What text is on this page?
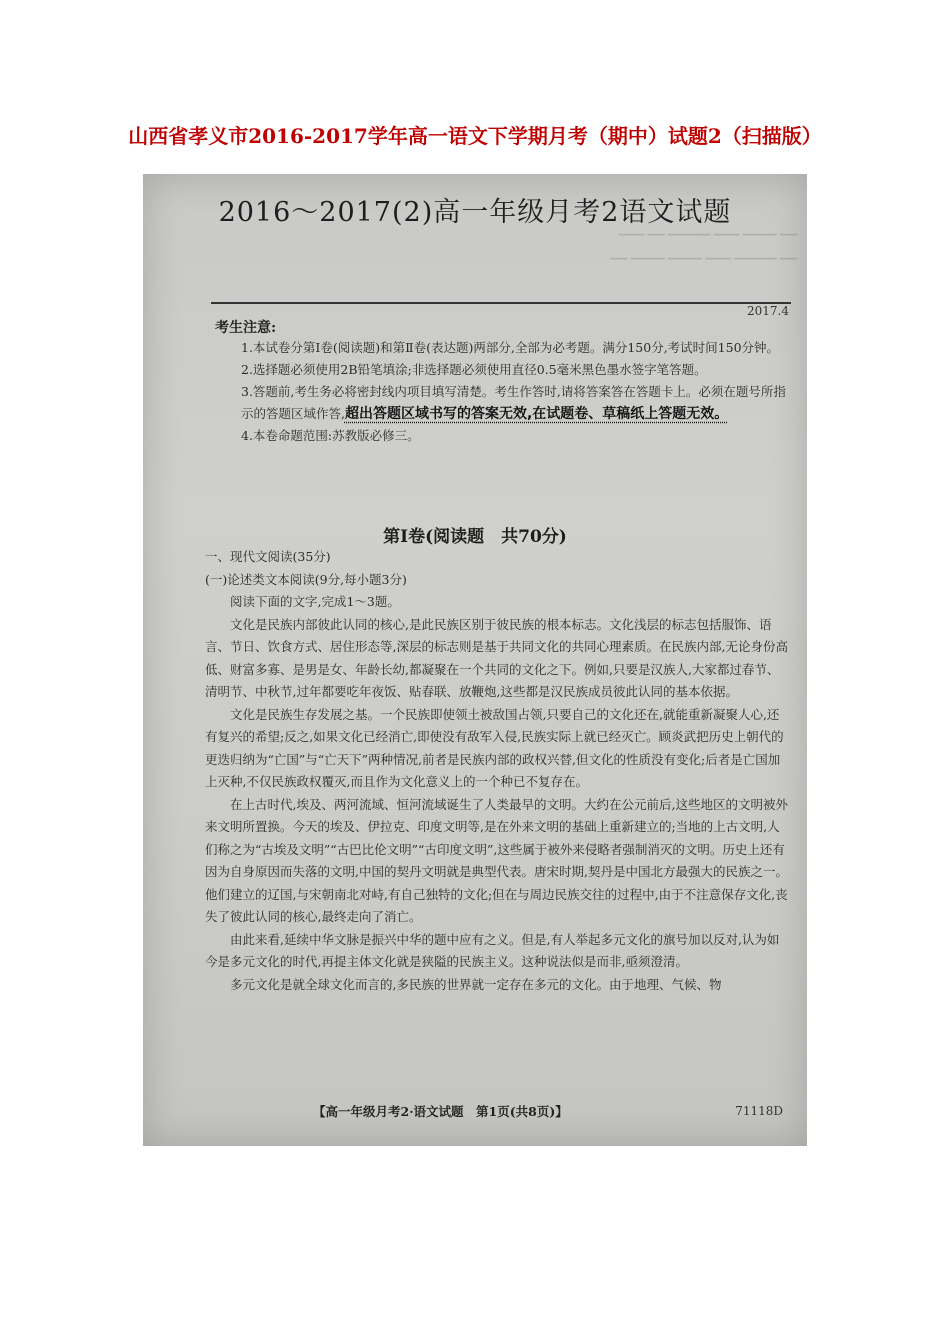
山西省孝义市2016-2017学年高一语文下学期月考（期中）试题2（扫描版）
▔▔▔ ▔▔ ▔▔▔▔▔ ▔▔▔ ▔▔▔▔ ▔▔
▔▔ ▔▔▔▔ ▔▔▔▔ ▔▔▔ ▔▔▔▔▔ ▔▔
2016～2017(2)高一年级月考2语文试题
2017.4
考生注意:

1.本试卷分第Ⅰ卷(阅读题)和第Ⅱ卷(表达题)两部分,全部为必考题。满分150分,考试时间150分钟。

2.选择题必须使用2B铅笔填涂;非选择题必须使用直径0.5毫米黑色墨水签字笔答题。

3.答题前,考生务必将密封线内项目填写清楚。考生作答时,请将答案答在答题卡上。必须在题号所指示的答题区域作答,超出答题区域书写的答案无效,在试题卷、草稿纸上答题无效。

4.本卷命题范围:苏教版必修三。

第Ⅰ卷(阅读题　共70分)

一、现代文阅读(35分)

(一)论述类文本阅读(9分,每小题3分)

阅读下面的文字,完成1～3题。

文化是民族内部彼此认同的核心,是此民族区别于彼民族的根本标志。文化浅层的标志包括服饰、语言、节日、饮食方式、居住形态等,深层的标志则是基于共同文化的共同心理素质。在民族内部,无论身份高低、财富多寡、是男是女、年龄长幼,都凝聚在一个共同的文化之下。例如,只要是汉族人,大家都过春节、清明节、中秋节,过年都要吃年夜饭、贴春联、放鞭炮,这些都是汉民族成员彼此认同的基本依据。

文化是民族生存发展之基。一个民族即使领土被敌国占领,只要自己的文化还在,就能重新凝聚人心,还有复兴的希望;反之,如果文化已经消亡,即使没有敌军入侵,民族实际上就已经灭亡。顾炎武把历史上朝代的更迭归纳为“亡国”与“亡天下”两种情况,前者是民族内部的政权兴替,但文化的性质没有变化;后者是亡国加上灭种,不仅民族政权覆灭,而且作为文化意义上的一个种已不复存在。

在上古时代,埃及、两河流域、恒河流域诞生了人类最早的文明。大约在公元前后,这些地区的文明被外来文明所置换。今天的埃及、伊拉克、印度文明等,是在外来文明的基础上重新建立的;当地的上古文明,人们称之为“古埃及文明”“古巴比伦文明”“古印度文明”,这些属于被外来侵略者强制消灭的文明。历史上还有因为自身原因而失落的文明,中国的契丹文明就是典型代表。唐宋时期,契丹是中国北方最强大的民族之一。他们建立的辽国,与宋朝南北对峙,有自己独特的文化;但在与周边民族交往的过程中,由于不注意保存文化,丧失了彼此认同的核心,最终走向了消亡。

由此来看,延续中华文脉是振兴中华的题中应有之义。但是,有人举起多元文化的旗号加以反对,认为如今是多元文化的时代,再提主体文化就是狭隘的民族主义。这种说法似是而非,亟须澄清。

多元文化是就全球文化而言的,多民族的世界就一定存在多元的文化。由于地理、气候、物

【高一年级月考2·语文试题　第1页(共8页)】	71118D
